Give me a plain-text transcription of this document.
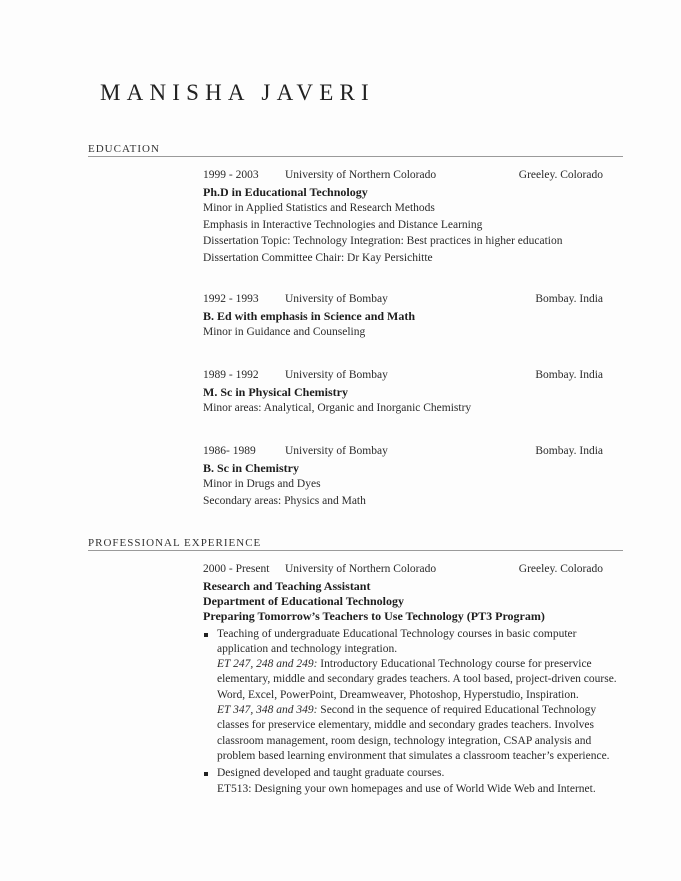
MANISHA JAVERI
EDUCATION
1999 - 2003 University of Northern Colorado	Greeley. Colorado
Ph.D in Educational Technology
Minor in Applied Statistics and Research Methods
Emphasis in Interactive Technologies and Distance Learning
Dissertation Topic: Technology Integration: Best practices in higher education
Dissertation Committee Chair: Dr Kay Persichitte
1992 - 1993 University of Bombay	Bombay. India
B. Ed with emphasis in Science and Math
Minor in Guidance and Counseling
1989 - 1992 University of Bombay	Bombay. India
M. Sc in Physical Chemistry
Minor areas: Analytical, Organic and Inorganic Chemistry
1986- 1989	University of Bombay	Bombay. India
B. Sc in Chemistry
Minor in Drugs and Dyes
Secondary areas: Physics and Math
PROFESSIONAL EXPERIENCE
2000 - Present University of Northern Colorado	Greeley. Colorado
Research and Teaching Assistant
Department of Educational Technology
Preparing Tomorrow’s Teachers to Use Technology (PT3 Program)
Teaching of undergraduate Educational Technology courses in basic computer application and technology integration.
ET 247, 248 and 249: Introductory Educational Technology course for preservice elementary, middle and secondary grades teachers. A tool based, project-driven course. Word, Excel, PowerPoint, Dreamweaver, Photoshop, Hyperstudio, Inspiration.
ET 347, 348 and 349: Second in the sequence of required Educational Technology classes for preservice elementary, middle and secondary grades teachers. Involves classroom management, room design, technology integration, CSAP analysis and problem based learning environment that simulates a classroom teacher’s experience.
Designed developed and taught graduate courses.
ET513: Designing your own homepages and use of World Wide Web and Internet.
